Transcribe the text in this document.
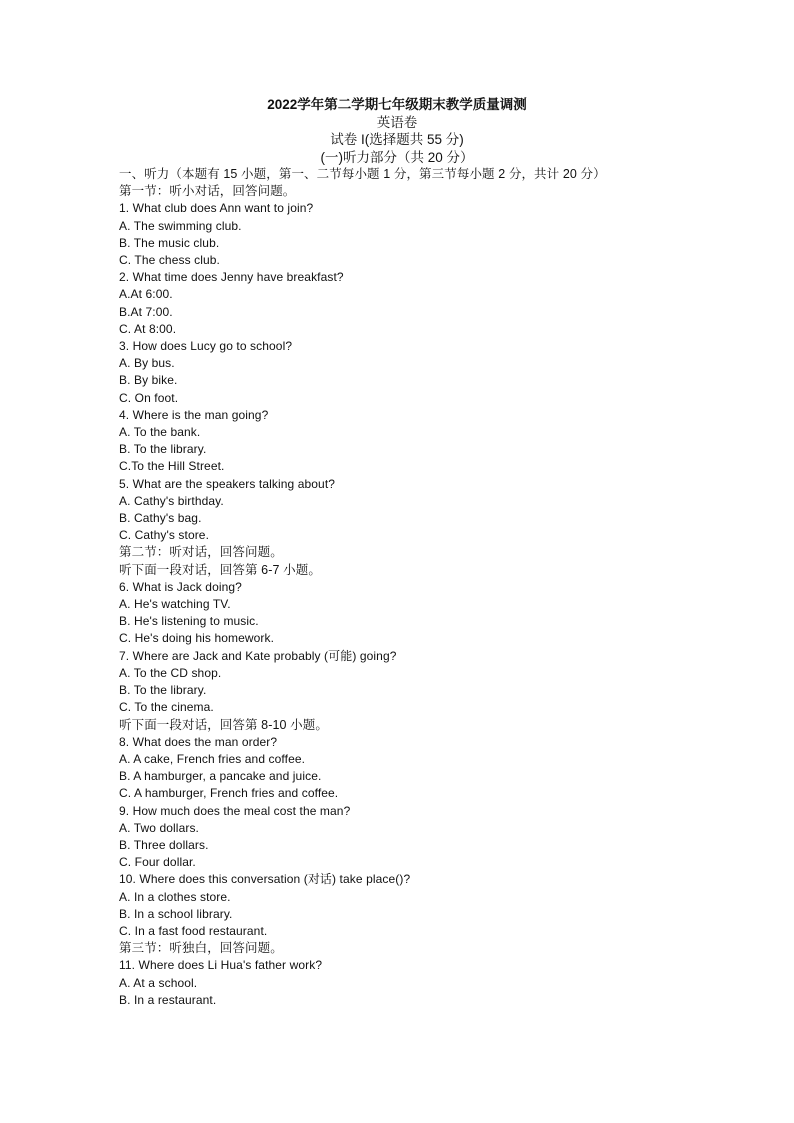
2022学年第二学期七年级期末教学质量调测
英语卷
试卷 I(选择题共 55 分)
(一)听力部分（共 20 分）
一、听力（本题有 15 小题，第一、二节每小题 1 分，第三节每小题 2 分，共计 20 分）
第一节：听小对话，回答问题。
1. What club does Ann want to join?
A. The swimming club.
B. The music club.
C. The chess club.
2. What time does Jenny have breakfast?
A.At 6:00.
B.At 7:00.
C. At 8:00.
3. How does Lucy go to school?
A. By bus.
B. By bike.
C. On foot.
4. Where is the man going?
A. To the bank.
B. To the library.
C.To the Hill Street.
5. What are the speakers talking about?
A. Cathy's birthday.
B. Cathy's bag.
C. Cathy's store.
第二节：听对话，回答问题。
听下面一段对话，回答第 6-7 小题。
6. What is Jack doing?
A. He's watching TV.
B. He's listening to music.
C. He's doing his homework.
7. Where are Jack and Kate probably (可能) going?
A. To the CD shop.
B. To the library.
C. To the cinema.
听下面一段对话，回答第 8-10 小题。
8. What does the man order?
A. A cake, French fries and coffee.
B. A hamburger, a pancake and juice.
C. A hamburger, French fries and coffee.
9. How much does the meal cost the man?
A. Two dollars.
B. Three dollars.
C. Four dollar.
10. Where does this conversation (对话) take place()?
A. In a clothes store.
B. In a school library.
C. In a fast food restaurant.
第三节：听独白，回答问题。
11. Where does Li Hua's father work?
A. At a school.
B. In a restaurant.
